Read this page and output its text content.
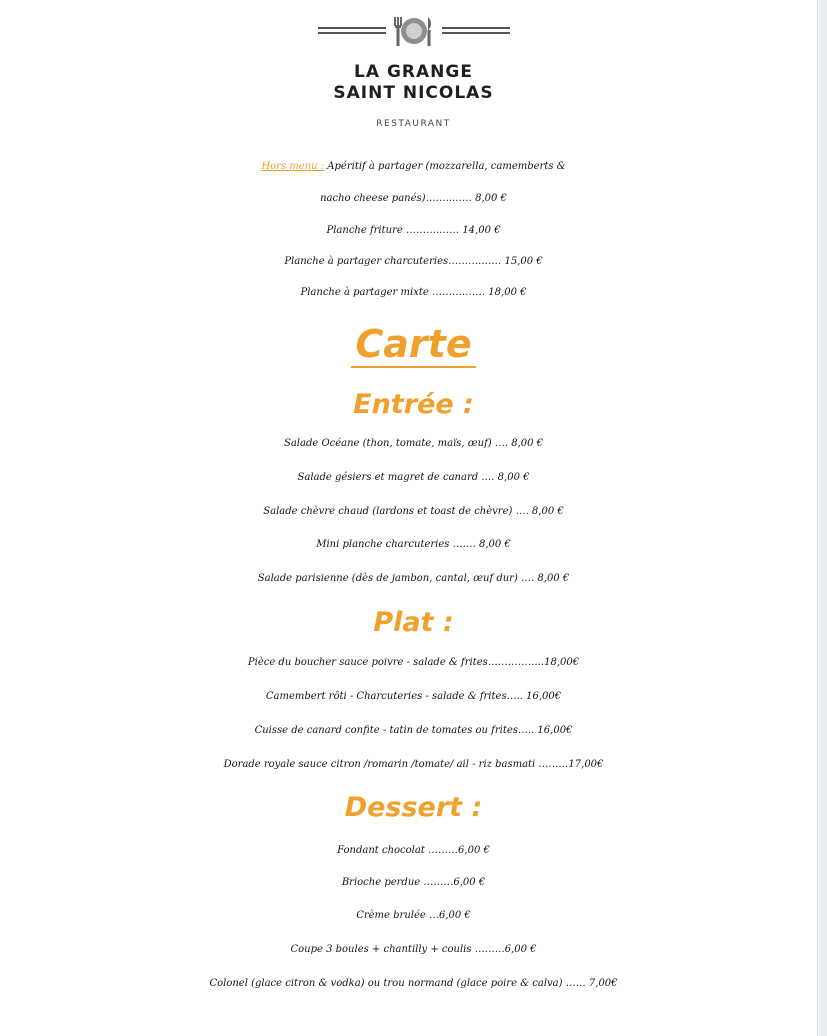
LA GRANGE
SAINT NICOLAS
RESTAURANT
Hors menu : Apéritif à partager (mozzarella, camemberts &
nacho cheese panés)……..…… 8,00 €
Planche friture ……….…… 14,00 €
Planche à partager charcuteries……….…… 15,00 €
Planche à partager mixte ……….…… 18,00 €
Carte
Entrée :
Salade Océane (thon, tomate, maïs, œuf) …. 8,00 €
Salade gésiers et magret de canard …. 8,00 €
Salade chèvre chaud (lardons et toast de chèvre) …. 8,00 €
Mini planche charcuteries ……. 8,00 €
Salade parisienne (dès de jambon, cantal, œuf dur) …. 8,00 €
Plat :
Pièce du boucher sauce poivre - salade & frites……………..18,00€
Camembert rôti - Charcuteries - salade & frites….. 16,00€
Cuisse de canard confite - tatin de tomates ou frites….. 16,00€
Dorade royale sauce citron /romarin /tomate/ ail - riz basmati ………17,00€
Dessert :
Fondant chocolat ………6,00 €
Brioche perdue ………6,00 €
Crème brulée …6,00 €
Coupe 3 boules + chantilly + coulis ………6,00 €
Colonel (glace citron & vodka) ou trou normand (glace poire & calva) …… 7,00€
